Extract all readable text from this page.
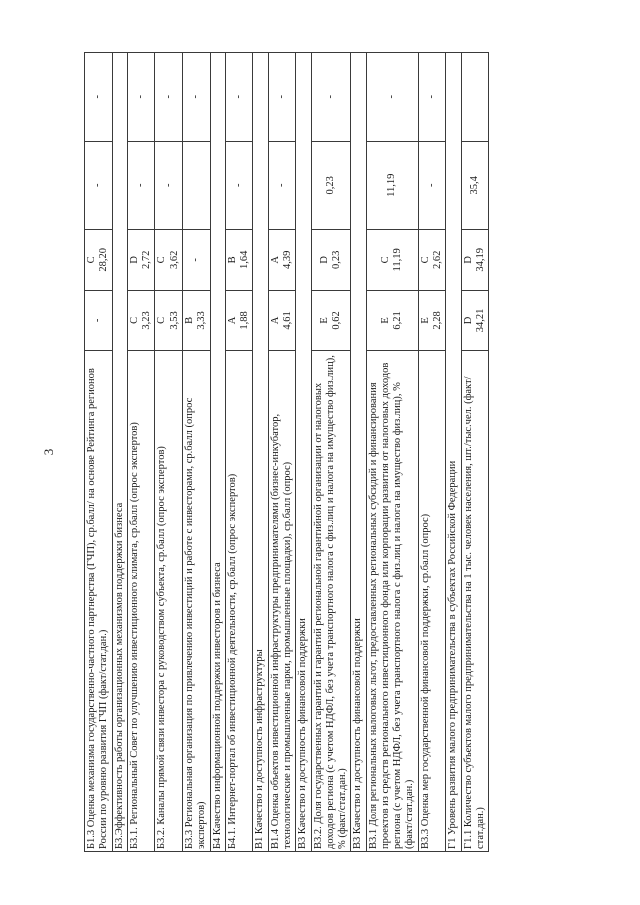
3	Б1.3 Оценка механизма государственно-частного партнерства (ГЧП), ср.балл/ на основе Рейтинга регионов России по уровню развития ГЧП (факт/стат.дан.)	-	C 28,20	-	-

Б3.Эффективность работы организационных механизмов поддержки бизнеса				
Б3.1. Региональный Совет по улучшению инвестиционного климата, ср.балл (опрос экспертов)	C 3,23	D 2,72	-	-

Б3.2. Каналы прямой связи инвестора с руководством субъекта, ср.балл (опрос экспертов)	C 3,53	C 3,62	-	-

Б3.3 Региональная организация по привлечению инвестиций и работе с инвесторами, ср.балл (опрос экспертов)	B 3,33	-		-

Б4 Качество информационной поддержки инвесторов и бизнеса				
Б4.1. Интернет-портал об инвестиционной деятельности, ср.балл (опрос экспертов)	A 1,88	B 1,64	-	-

В1 Качество и доступность инфраструктуры				
В1.4 Оценка объектов инвестиционной инфраструктуры предпринимателями (бизнес-инкубатор, технологические и промышленные парки, промышленные площадки), ср.балл (опрос)	A 4,61	A 4,39	-	-

В3 Качество и доступность финансовой поддержки				
В3.2. Доля государственных гарантий и гарантий региональной гарантийной организации от налоговых доходов региона (с учетом НДФЛ, без учета транспортного налога с физ.лиц и налога на имущество физ.лиц), % (факт/стат.дан.)	E 0,62	D 0,23	0,23	-

В3 Качество и доступность финансовой поддержки				
В3.1 Доля региональных налоговых льгот, предоставленных региональных субсидий и финансирования проектов из средств регионального инвестиционного фонда или корпорации развития от налоговых доходов региона (с учетом НДФЛ, без учета транспортного налога с физ.лиц и налога на имущество физ.лиц), % (факт/стат.дан.)	E 6,21	C 11,19	11,19	-

В3.3 Оценка мер государственной финансовой поддержки, ср.балл (опрос)	E 2,28	C 2,62	-	-

Г1 Уровень развития малого предпринимательства в субъектах Российской Федерации				
Г1.1 Количество субъектов малого предпринимательства на 1 тыс. человек населения, шт./тыс.чел. (факт/стат.дан.)	D 34,21	D 34,19	35,4	
